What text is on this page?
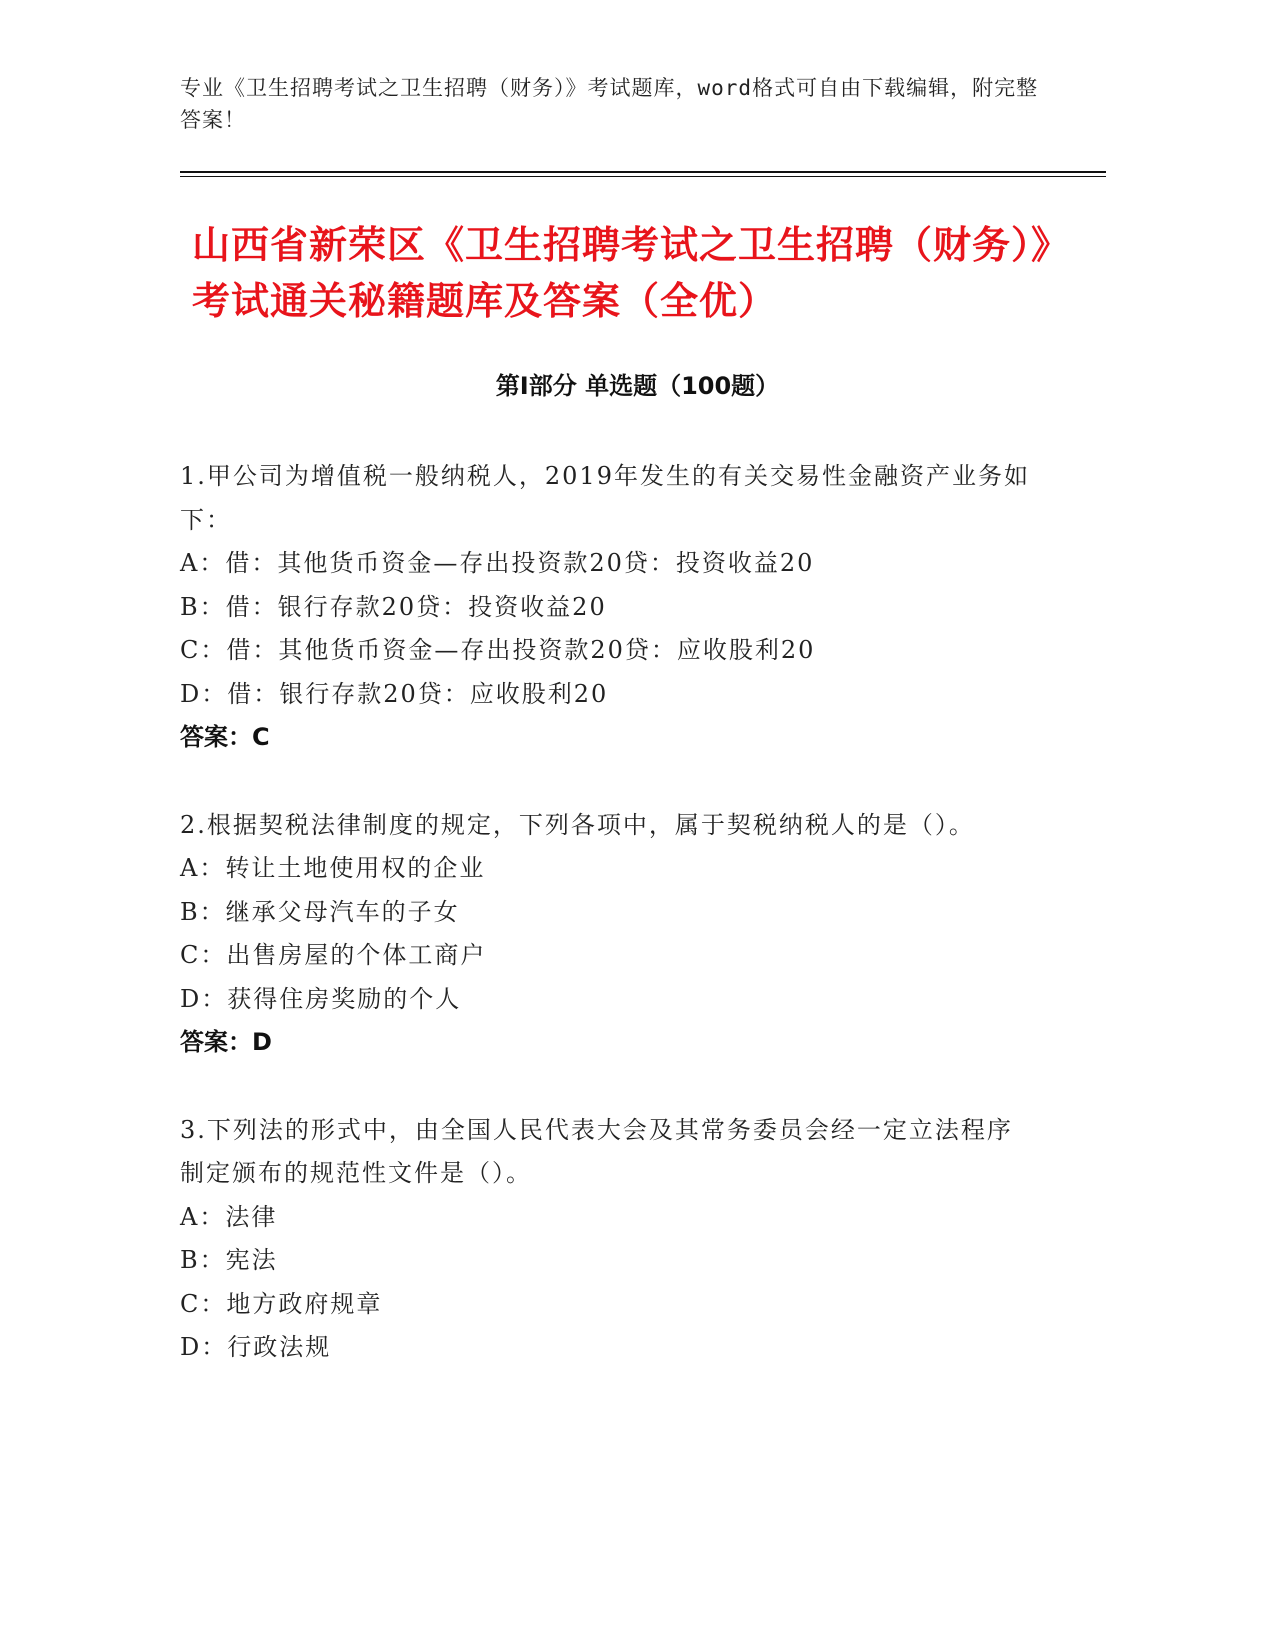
专业《卫生招聘考试之卫生招聘（财务）》考试题库，word格式可自由下载编辑，附完整答案！
山西省新荣区《卫生招聘考试之卫生招聘（财务）》考试通关秘籍题库及答案（全优）
第I部分 单选题（100题）

1.甲公司为增值税一般纳税人，2019年发生的有关交易性金融资产业务如下：

A：借：其他货币资金—存出投资款20贷：投资收益20

B：借：银行存款20贷：投资收益20

C：借：其他货币资金—存出投资款20贷：应收股利20

D：借：银行存款20贷：应收股利20

答案：C

2.根据契税法律制度的规定，下列各项中，属于契税纳税人的是（）。

A：转让土地使用权的企业

B：继承父母汽车的子女

C：出售房屋的个体工商户

D：获得住房奖励的个人

答案：D

3.下列法的形式中，由全国人民代表大会及其常务委员会经一定立法程序制定颁布的规范性文件是（）。

A：法律

B：宪法

C：地方政府规章

D：行政法规
